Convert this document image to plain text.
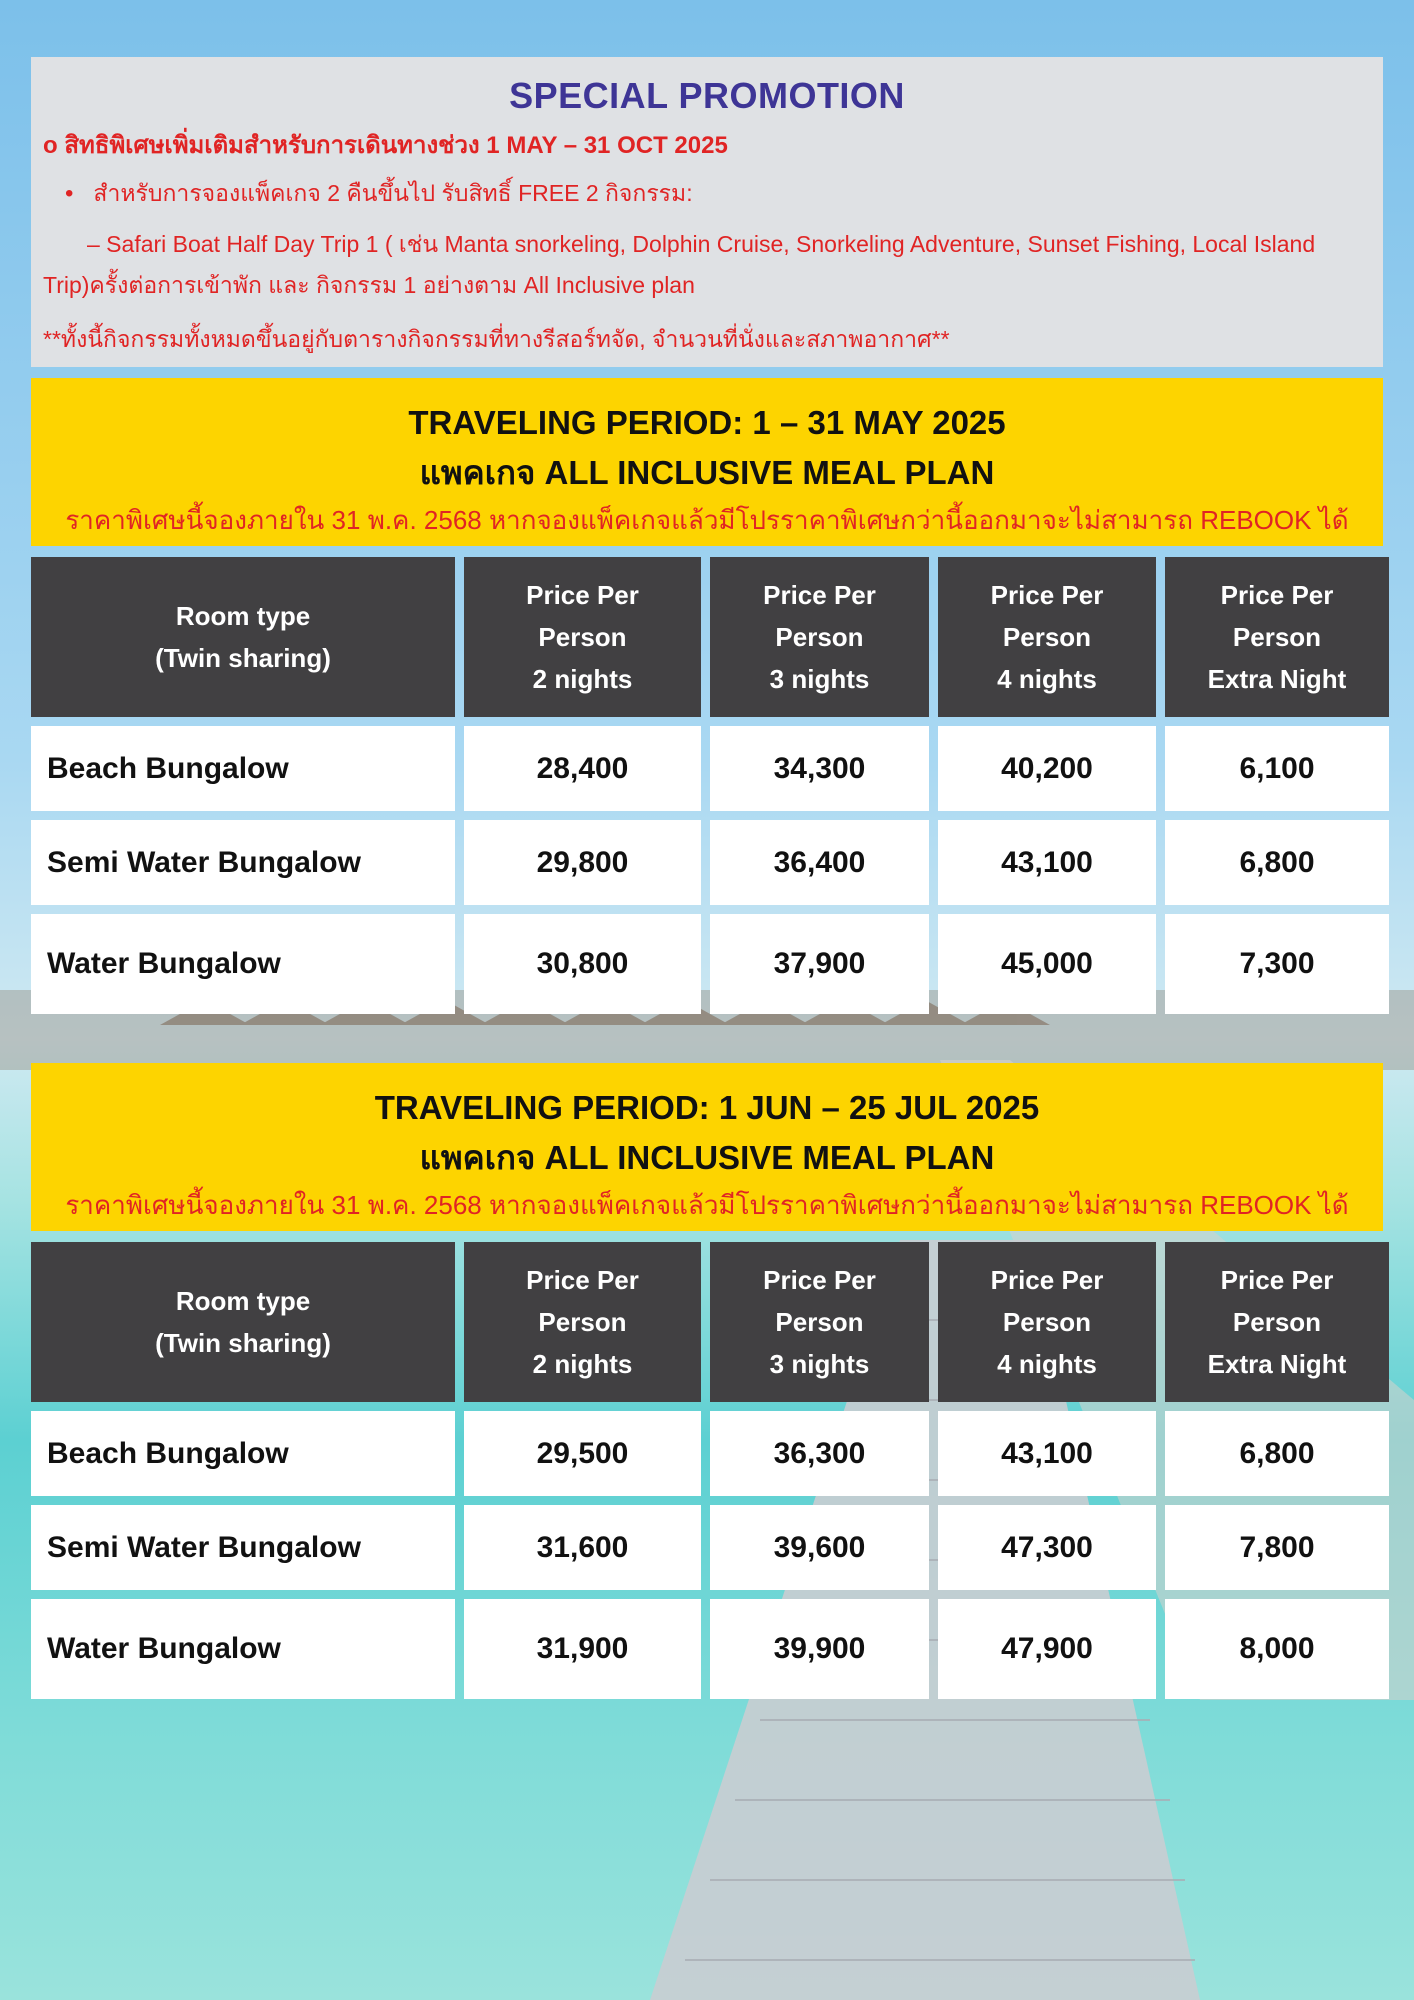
SPECIAL PROMOTION
o สิทธิพิเศษเพิ่มเติมสำหรับการเดินทางช่วง 1 MAY – 31 OCT 2025
• สำหรับการจองแพ็คเกจ 2 คืนขึ้นไป รับสิทธิ์ FREE 2 กิจกรรม:
– Safari Boat Half Day Trip 1 ( เช่น Manta snorkeling, Dolphin Cruise, Snorkeling Adventure, Sunset Fishing, Local Island Trip)ครั้งต่อการเข้าพัก และ กิจกรรม 1 อย่างตาม All Inclusive plan
**ทั้งนี้กิจกรรมทั้งหมดขึ้นอยู่กับตารางกิจกรรมที่ทางรีสอร์ทจัด, จำนวนที่นั่งและสภาพอากาศ**
TRAVELING PERIOD: 1 – 31 MAY 2025
แพคเกจ ALL INCLUSIVE MEAL PLAN
ราคาพิเศษนี้จองภายใน 31 พ.ค. 2568 หากจองแพ็คเกจแล้วมีโปรราคาพิเศษกว่านี้ออกมาจะไม่สามารถ REBOOK ได้
Room type
(Twin sharing)	Price Per
Person
2 nights	Price Per
Person
3 nights	Price Per
Person
4 nights	Price Per
Person
Extra Night
Beach Bungalow	28,400	34,300	40,200	6,100
Semi Water Bungalow	29,800	36,400	43,100	6,800
Water Bungalow	30,800	37,900	45,000	7,300
TRAVELING PERIOD: 1 JUN – 25 JUL 2025
แพคเกจ ALL INCLUSIVE MEAL PLAN
ราคาพิเศษนี้จองภายใน 31 พ.ค. 2568 หากจองแพ็คเกจแล้วมีโปรราคาพิเศษกว่านี้ออกมาจะไม่สามารถ REBOOK ได้
Room type
(Twin sharing)	Price Per
Person
2 nights	Price Per
Person
3 nights	Price Per
Person
4 nights	Price Per
Person
Extra Night
Beach Bungalow	29,500	36,300	43,100	6,800
Semi Water Bungalow	31,600	39,600	47,300	7,800
Water Bungalow	31,900	39,900	47,900	8,000
